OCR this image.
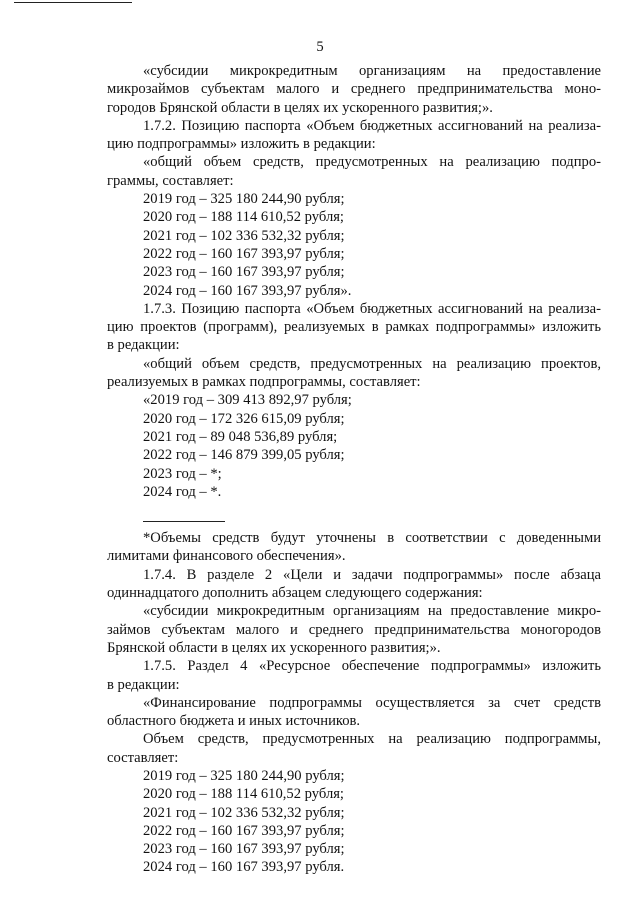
5
«субсидии микрокредитным организациям на предоставление
микрозаймов субъектам малого и среднего предпринимательства моно-
городов Брянской области в целях их ускоренного развития;».
1.7.2. Позицию паспорта «Объем бюджетных ассигнований на реализа-
цию подпрограммы» изложить в редакции:
«общий объем средств, предусмотренных на реализацию подпро-
граммы, составляет:
2019 год – 325 180 244,90 рубля;
2020 год – 188 114 610,52 рубля;
2021 год – 102 336 532,32 рубля;
2022 год – 160 167 393,97 рубля;
2023 год – 160 167 393,97 рубля;
2024 год – 160 167 393,97 рубля».
1.7.3. Позицию паспорта «Объем бюджетных ассигнований на реализа-
цию проектов (программ), реализуемых в рамках подпрограммы» изложить
в редакции:
«общий объем средств, предусмотренных на реализацию проектов,
реализуемых в рамках подпрограммы, составляет:
«2019 год – 309 413 892,97 рубля;
2020 год – 172 326 615,09 рубля;
2021 год – 89 048 536,89 рубля;
2022 год – 146 879 399,05 рубля;
2023 год – *;
2024 год – *.
*Объемы средств будут уточнены в соответствии с доведенными
лимитами финансового обеспечения».
1.7.4. В разделе 2 «Цели и задачи подпрограммы» после абзаца
одиннадцатого дополнить абзацем следующего содержания:
«субсидии микрокредитным организациям на предоставление микро-
займов субъектам малого и среднего предпринимательства моногородов
Брянской области в целях их ускоренного развития;».
1.7.5. Раздел 4 «Ресурсное обеспечение подпрограммы» изложить
в редакции:
«Финансирование подпрограммы осуществляется за счет средств
областного бюджета и иных источников.
Объем средств, предусмотренных на реализацию подпрограммы,
составляет:
2019 год – 325 180 244,90 рубля;
2020 год – 188 114 610,52 рубля;
2021 год – 102 336 532,32 рубля;
2022 год – 160 167 393,97 рубля;
2023 год – 160 167 393,97 рубля;
2024 год – 160 167 393,97 рубля.
